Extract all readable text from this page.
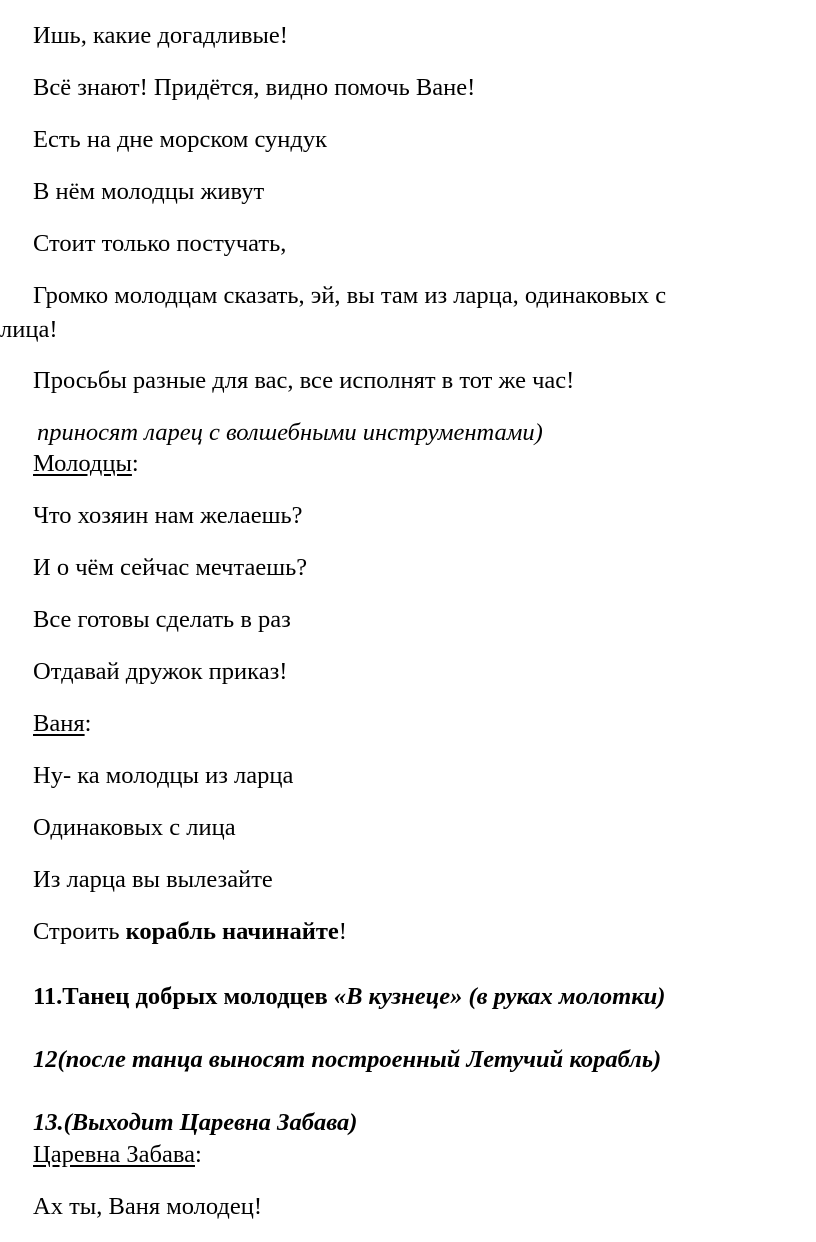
Ишь, какие догадливые!
Всё знают! Придётся, видно помочь Ване!
Есть на дне морском сундук
В нём молодцы живут
Стоит только постучать,
Громко молодцам сказать, эй, вы там из ларца, одинаковых с
лица!
Просьбы разные для вас, все исполнят в тот же час!
приносят ларец с волшебными инструментами)
Молодцы:
Что хозяин нам желаешь?
И о чём сейчас мечтаешь?
Все готовы сделать в раз
Отдавай дружок приказ!
Ваня:
Ну- ка молодцы из ларца
Одинаковых с лица
Из ларца вы вылезайте
Строить корабль начинайте!
11.Танец добрых молодцев «В кузнеце» (в руках молотки)
12(после танца выносят построенный Летучий корабль)
13.(Выходит Царевна Забава)
Царевна Забава:
Ах ты, Ваня молодец!
